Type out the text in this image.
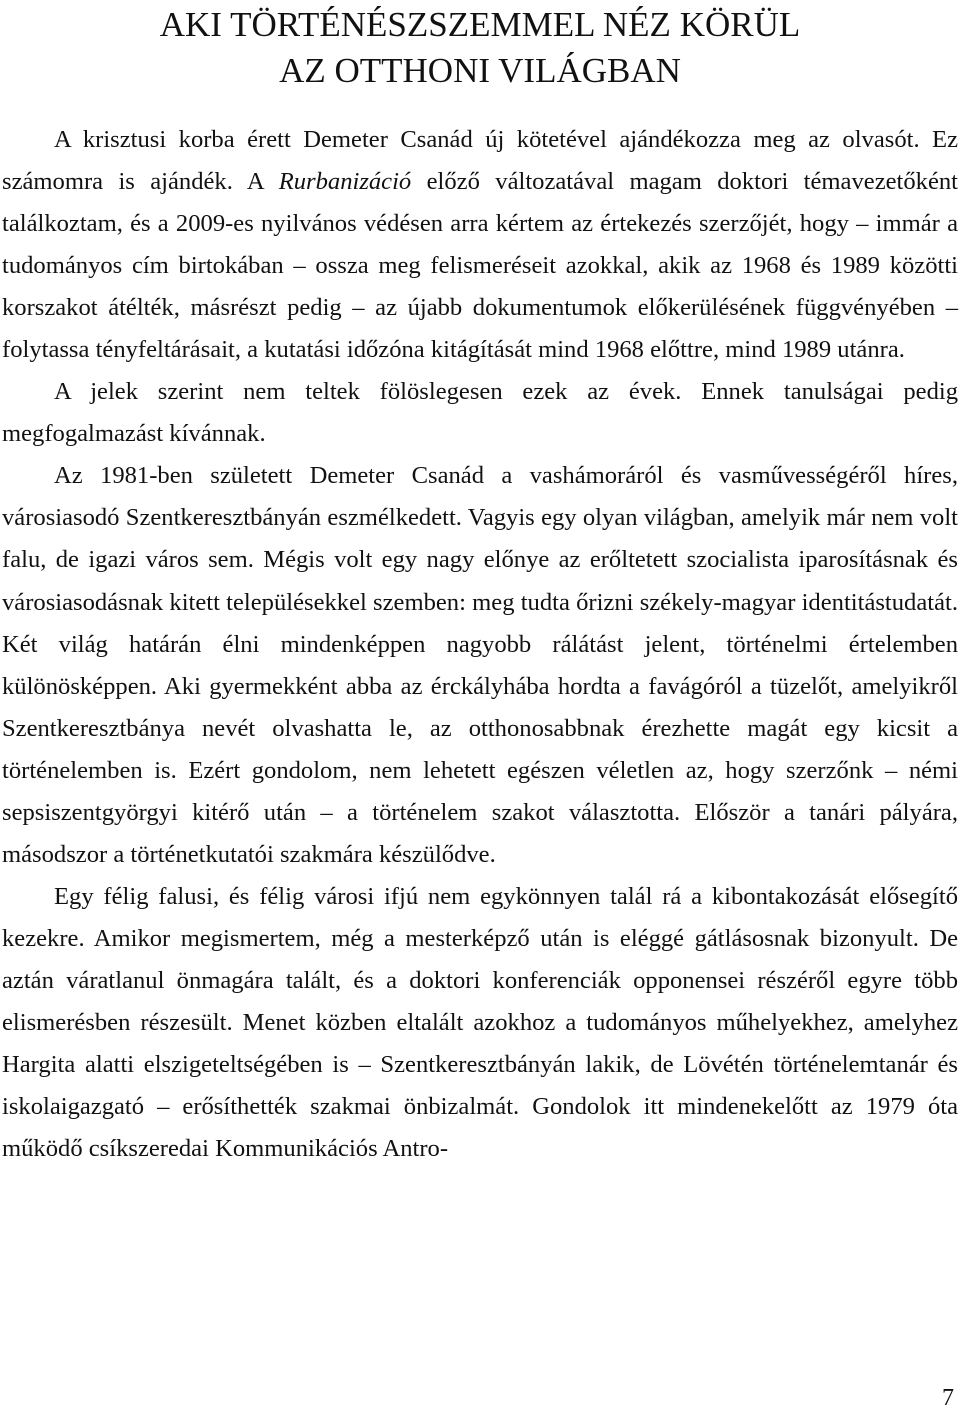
AKI TÖRTÉNÉSZSZEMMEL NÉZ KÖRÜL
AZ OTTHONI VILÁGBAN

A krisztusi korba érett Demeter Csanád új kötetével ajándékozza meg az olvasót. Ez számomra is ajándék. A Rurbanizáció előző változatával magam doktori témavezetőként találkoztam, és a 2009-es nyilvános védésen arra kértem az értekezés szerzőjét, hogy – immár a tudományos cím birtokában – ossza meg felismeréseit azokkal, akik az 1968 és 1989 közötti korszakot átélték, másrészt pedig – az újabb dokumentumok előkerülésének függvényében – folytassa tényfeltárásait, a kutatási időzóna kitágítását mind 1968 előttre, mind 1989 utánra.

A jelek szerint nem teltek fölöslegesen ezek az évek. Ennek tanulságai pedig megfogalmazást kívánnak.

Az 1981-ben született Demeter Csanád a vashámoráról és vasművességéről híres, városiasodó Szentkeresztbányán eszmélkedett. Vagyis egy olyan világban, amelyik már nem volt falu, de igazi város sem. Mégis volt egy nagy előnye az erőltetett szocialista iparosításnak és városiasodásnak kitett településekkel szemben: meg tudta őrizni székely-magyar identitástudatát. Két világ határán élni mindenképpen nagyobb rálátást jelent, történelmi értelemben különösképpen. Aki gyermekként abba az érckályhába hordta a favágóról a tüzelőt, amelyikről Szentkeresztbánya nevét olvashatta le, az otthonosabbnak érezhette magát egy kicsit a történelemben is. Ezért gondolom, nem lehetett egészen véletlen az, hogy szerzőnk – némi sepsiszentgyörgyi kitérő után – a történelem szakot választotta. Először a tanári pályára, másodszor a történetkutatói szakmára készülődve.

Egy félig falusi, és félig városi ifjú nem egykönnyen talál rá a kibontakozását elősegítő kezekre. Amikor megismertem, még a mesterképző után is eléggé gátlásosnak bizonyult. De aztán váratlanul önmagára talált, és a doktori konferenciák opponensei részéről egyre több elismerésben részesült. Menet közben eltalált azokhoz a tudományos műhelyekhez, amelyhez Hargita alatti elszigeteltségében is – Szentkeresztbányán lakik, de Lövétén történelemtanár és iskolaigazgató – erősíthették szakmai önbizalmát. Gondolok itt mindenekelőtt az 1979 óta működő csíkszeredai Kommunikációs Antro-

7
